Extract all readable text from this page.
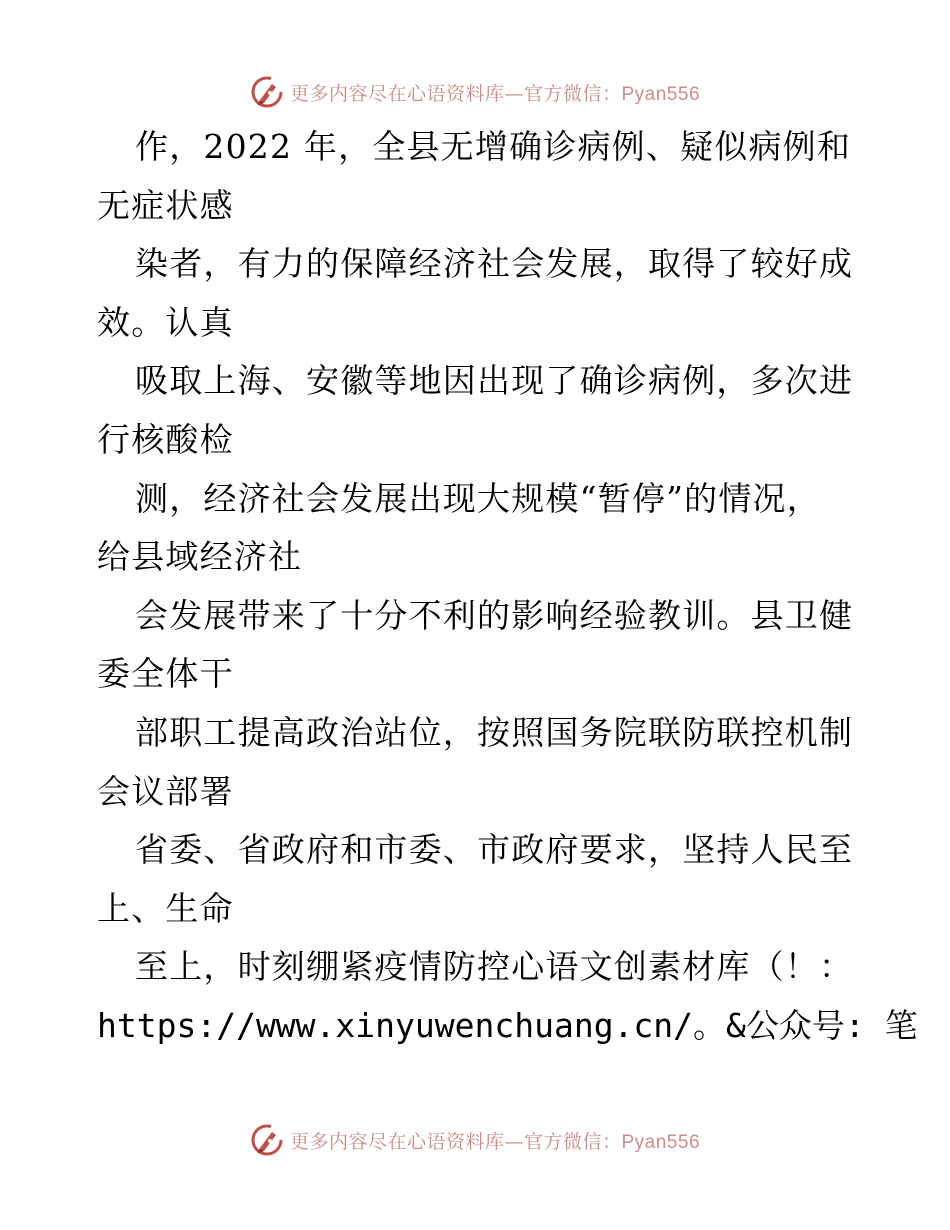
更多内容尽在心语资料库—官方微信：Pyan556
作，2022 年，全县无增确诊病例、疑似病例和
无症状感
染者，有力的保障经济社会发展，取得了较好成
效。认真
吸取上海、安徽等地因出现了确诊病例，多次进
行核酸检
测，经济社会发展出现大规模“暂停”的情况，
给县域经济社
会发展带来了十分不利的影响经验教训。县卫健
委全体干
部职工提高政治站位，按照国务院联防联控机制
会议部署
省委、省政府和市委、市政府要求，坚持人民至
上、生命
至上，时刻绷紧疫情防控心语文创素材库（！：
https://www.xinyuwenchuang.cn/。&公众号: 笔
更多内容尽在心语资料库—官方微信：Pyan556
